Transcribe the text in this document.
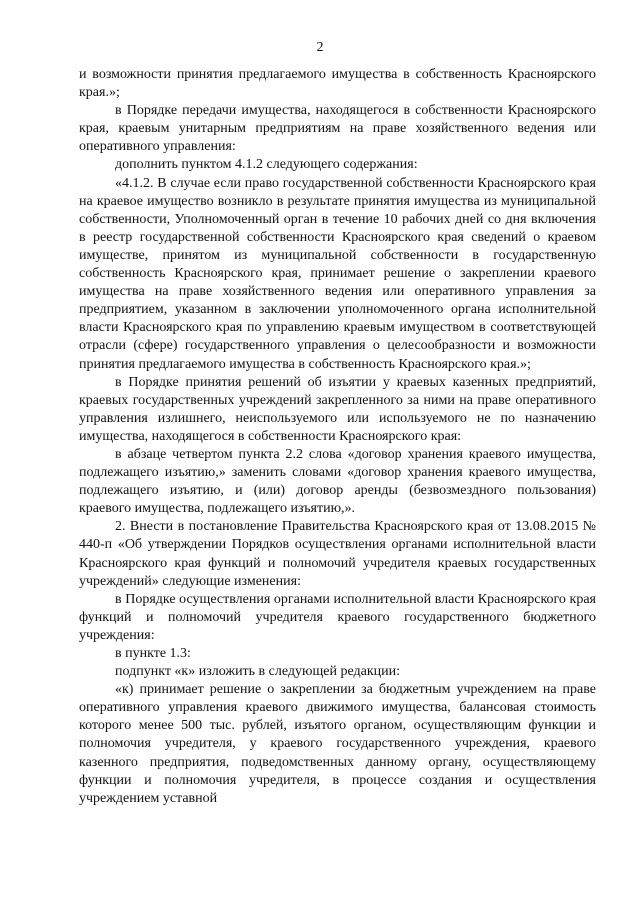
2

и возможности принятия предлагаемого имущества в собственность Красноярского края.»;

в Порядке передачи имущества, находящегося в собственности Красноярского края, краевым унитарным предприятиям на праве хозяйственного ведения или оперативного управления:

дополнить пунктом 4.1.2 следующего содержания:

«4.1.2. В случае если право государственной собственности Красноярского края на краевое имущество возникло в результате принятия имущества из муниципальной собственности, Уполномоченный орган в течение 10 рабочих дней со дня включения в реестр государственной собственности Красноярского края сведений о краевом имуществе, принятом из муниципальной собственности в государственную собственность Красноярского края, принимает решение о закреплении краевого имущества на праве хозяйственного ведения или оперативного управления за предприятием, указанном в заключении уполномоченного органа исполнительной власти Красноярского края по управлению краевым имуществом в соответствующей отрасли (сфере) государственного управления о целесообразности и возможности принятия предлагаемого имущества в собственность Красноярского края.»;

в Порядке принятия решений об изъятии у краевых казенных предприятий, краевых государственных учреждений закрепленного за ними на праве оперативного управления излишнего, неиспользуемого или используемого не по назначению имущества, находящегося в собственности Красноярского края:

в абзаце четвертом пункта 2.2 слова «договор хранения краевого имущества, подлежащего изъятию,» заменить словами «договор хранения краевого имущества, подлежащего изъятию, и (или) договор аренды (безвозмездного пользования) краевого имущества, подлежащего изъятию,».

2. Внести в постановление Правительства Красноярского края от 13.08.2015 № 440-п «Об утверждении Порядков осуществления органами исполнительной власти Красноярского края функций и полномочий учредителя краевых государственных учреждений» следующие изменения:

в Порядке осуществления органами исполнительной власти Красноярского края функций и полномочий учредителя краевого государственного бюджетного учреждения:

в пункте 1.3:

подпункт «к» изложить в следующей редакции:

«к) принимает решение о закреплении за бюджетным учреждением на праве оперативного управления краевого движимого имущества, балансовая стоимость которого менее 500 тыс. рублей, изъятого органом, осуществляющим функции и полномочия учредителя, у краевого государственного учреждения, краевого казенного предприятия, подведомственных данному органу, осуществляющему функции и полномочия учредителя, в процессе создания и осуществления учреждением уставной
